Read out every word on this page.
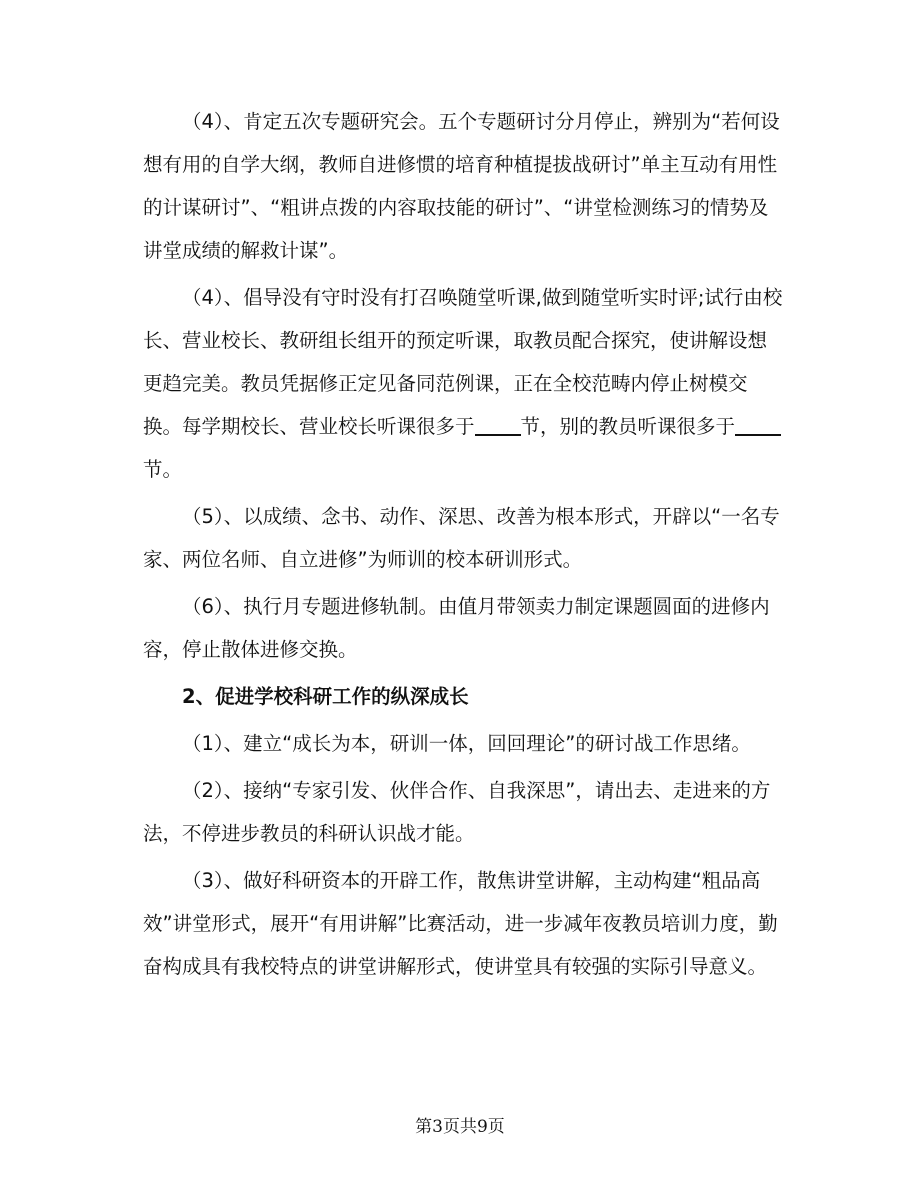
（4）、肯定五次专题研究会。五个专题研讨分月停止，辨别为“若何设想有用的自学大纲，教师自进修惯的培育种植提拔战研讨”单主互动有用性的计谋研讨”、“粗讲点拨的内容取技能的研讨”、“讲堂检测练习的情势及讲堂成绩的解救计谋”。

（4）、倡导没有守时没有打召唤随堂听课,做到随堂听实时评;试行由校长、营业校长、教研组长组开的预定听课，取教员配合探究，使讲解设想更趋完美。教员凭据修正定见备同范例课，正在全校范畴内停止树模交换。每学期校长、营业校长听课很多于 节，别的教员听课很多于节。

（5）、以成绩、念书、动作、深思、改善为根本形式，开辟以“一名专家、两位名师、自立进修”为师训的校本研训形式。

（6）、执行月专题进修轨制。由值月带领卖力制定课题圆面的进修内容，停止散体进修交换。

2、促进学校科研工作的纵深成长

（1）、建立“成长为本，研训一体，回回理论”的研讨战工作思绪。

（2）、接纳“专家引发、伙伴合作、自我深思”，请出去、走进来的方法，不停进步教员的科研认识战才能。

（3）、做好科研资本的开辟工作，散焦讲堂讲解，主动构建“粗品高效”讲堂形式，展开“有用讲解”比赛活动，进一步减年夜教员培训力度，勤奋构成具有我校特点的讲堂讲解形式，使讲堂具有较强的实际引导意义。

第3页共9页
